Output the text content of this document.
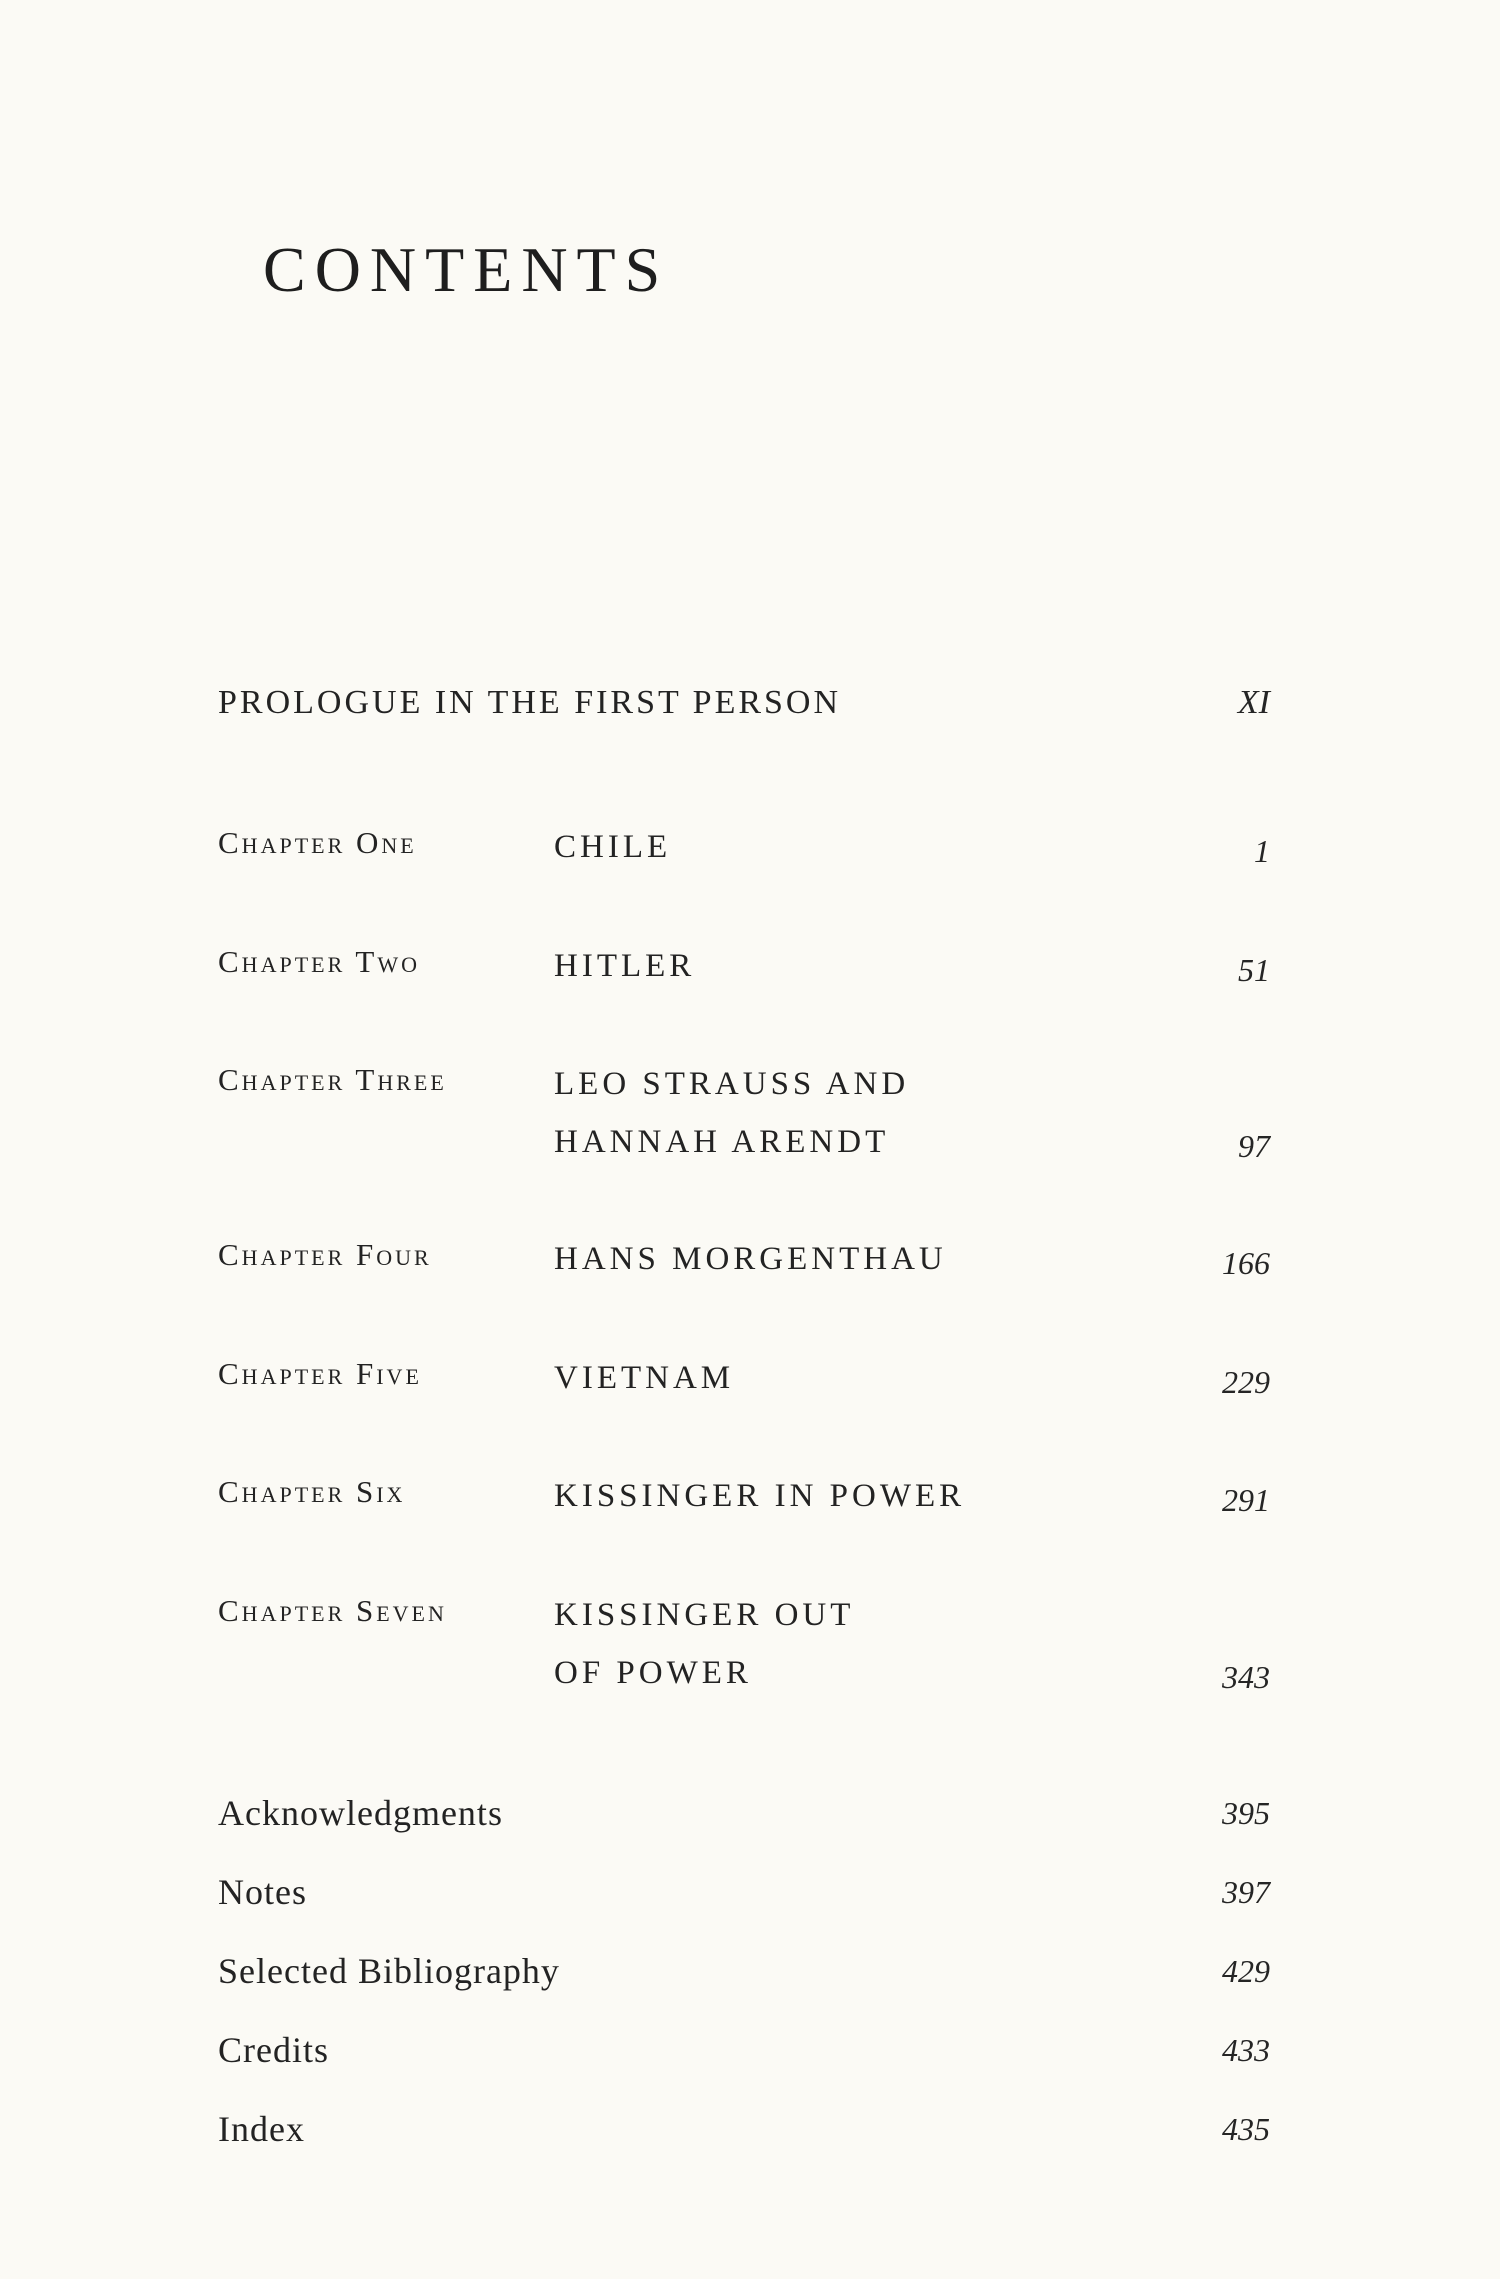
CONTENTS
PROLOGUE IN THE FIRST PERSON	XI
Chapter One	CHILE	1
Chapter Two	HITLER	51
Chapter Three	LEO STRAUSS AND
HANNAH ARENDT	97
Chapter Four	HANS MORGENTHAU	166
Chapter Five	VIETNAM	229
Chapter Six	KISSINGER IN POWER	291
Chapter Seven	KISSINGER OUT
OF POWER	343
Acknowledgments	395
Notes	397
Selected Bibliography	429
Credits	433
Index	435
